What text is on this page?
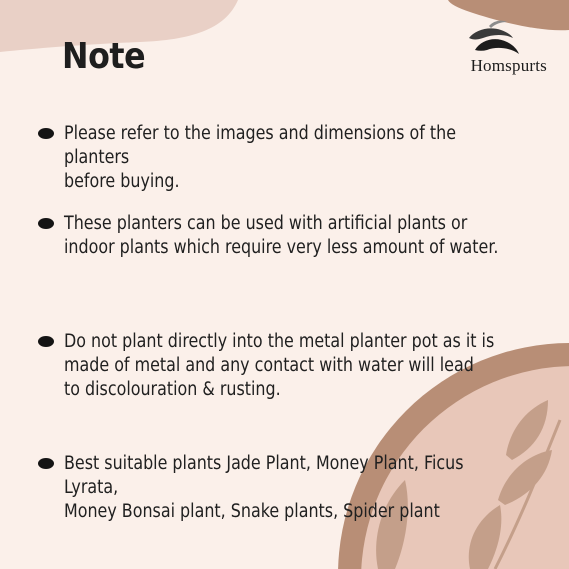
Note	Homspurts
Please refer to the images and dimensions of the planters
before buying.
These planters can be used with artificial plants or
indoor plants which require very less amount of water.
Do not plant directly into the metal planter pot as it is
made of metal and any contact with water will lead
to discolouration & rusting.
Best suitable plants Jade Plant, Money Plant, Ficus Lyrata,
Money Bonsai plant, Snake plants, Spider plant
